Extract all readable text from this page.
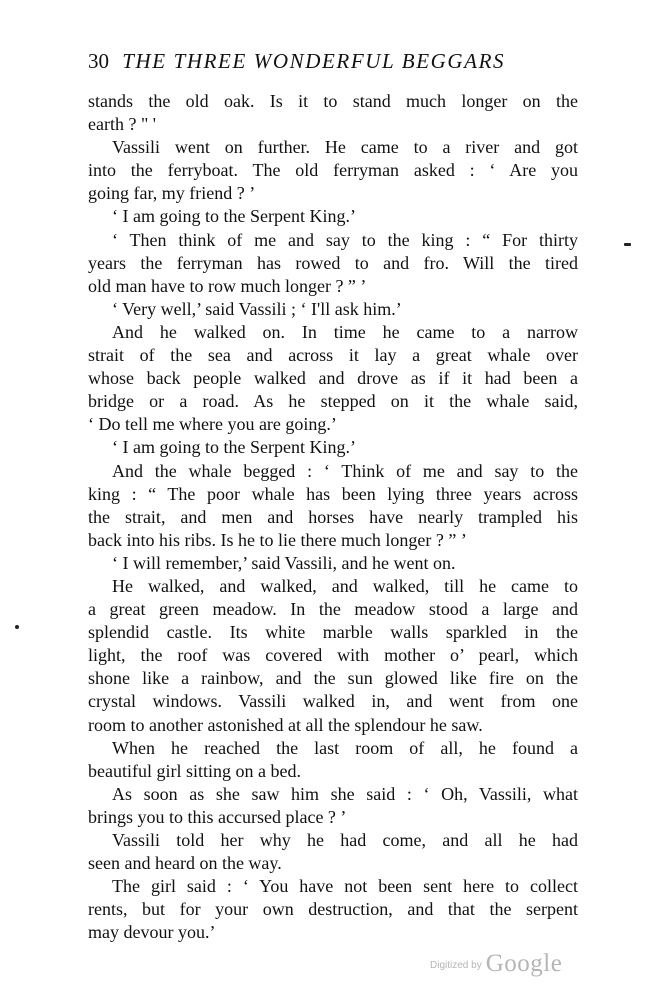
30 THE THREE WONDERFUL BEGGARS
stands the old oak. Is it to stand much longer on the
earth ? " '
Vassili went on further. He came to a river and got
into the ferryboat. The old ferryman asked : ‘ Are you
going far, my friend ? ’
‘ I am going to the Serpent King.’
‘ Then think of me and say to the king : “ For thirty
years the ferryman has rowed to and fro. Will the tired
old man have to row much longer ? ” ’
‘ Very well,’ said Vassili ; ‘ I'll ask him.’
And he walked on. In time he came to a narrow
strait of the sea and across it lay a great whale over
whose back people walked and drove as if it had been a
bridge or a road. As he stepped on it the whale said,
‘ Do tell me where you are going.’
‘ I am going to the Serpent King.’
And the whale begged : ‘ Think of me and say to the
king : “ The poor whale has been lying three years across
the strait, and men and horses have nearly trampled his
back into his ribs. Is he to lie there much longer ? ” ’
‘ I will remember,’ said Vassili, and he went on.
He walked, and walked, and walked, till he came to
a great green meadow. In the meadow stood a large and
splendid castle. Its white marble walls sparkled in the
light, the roof was covered with mother o’ pearl, which
shone like a rainbow, and the sun glowed like fire on the
crystal windows. Vassili walked in, and went from one
room to another astonished at all the splendour he saw.
When he reached the last room of all, he found a
beautiful girl sitting on a bed.
As soon as she saw him she said : ‘ Oh, Vassili, what
brings you to this accursed place ? ’
Vassili told her why he had come, and all he had
seen and heard on the way.
The girl said : ‘ You have not been sent here to collect
rents, but for your own destruction, and that the serpent
may devour you.’
Digitized by Google
